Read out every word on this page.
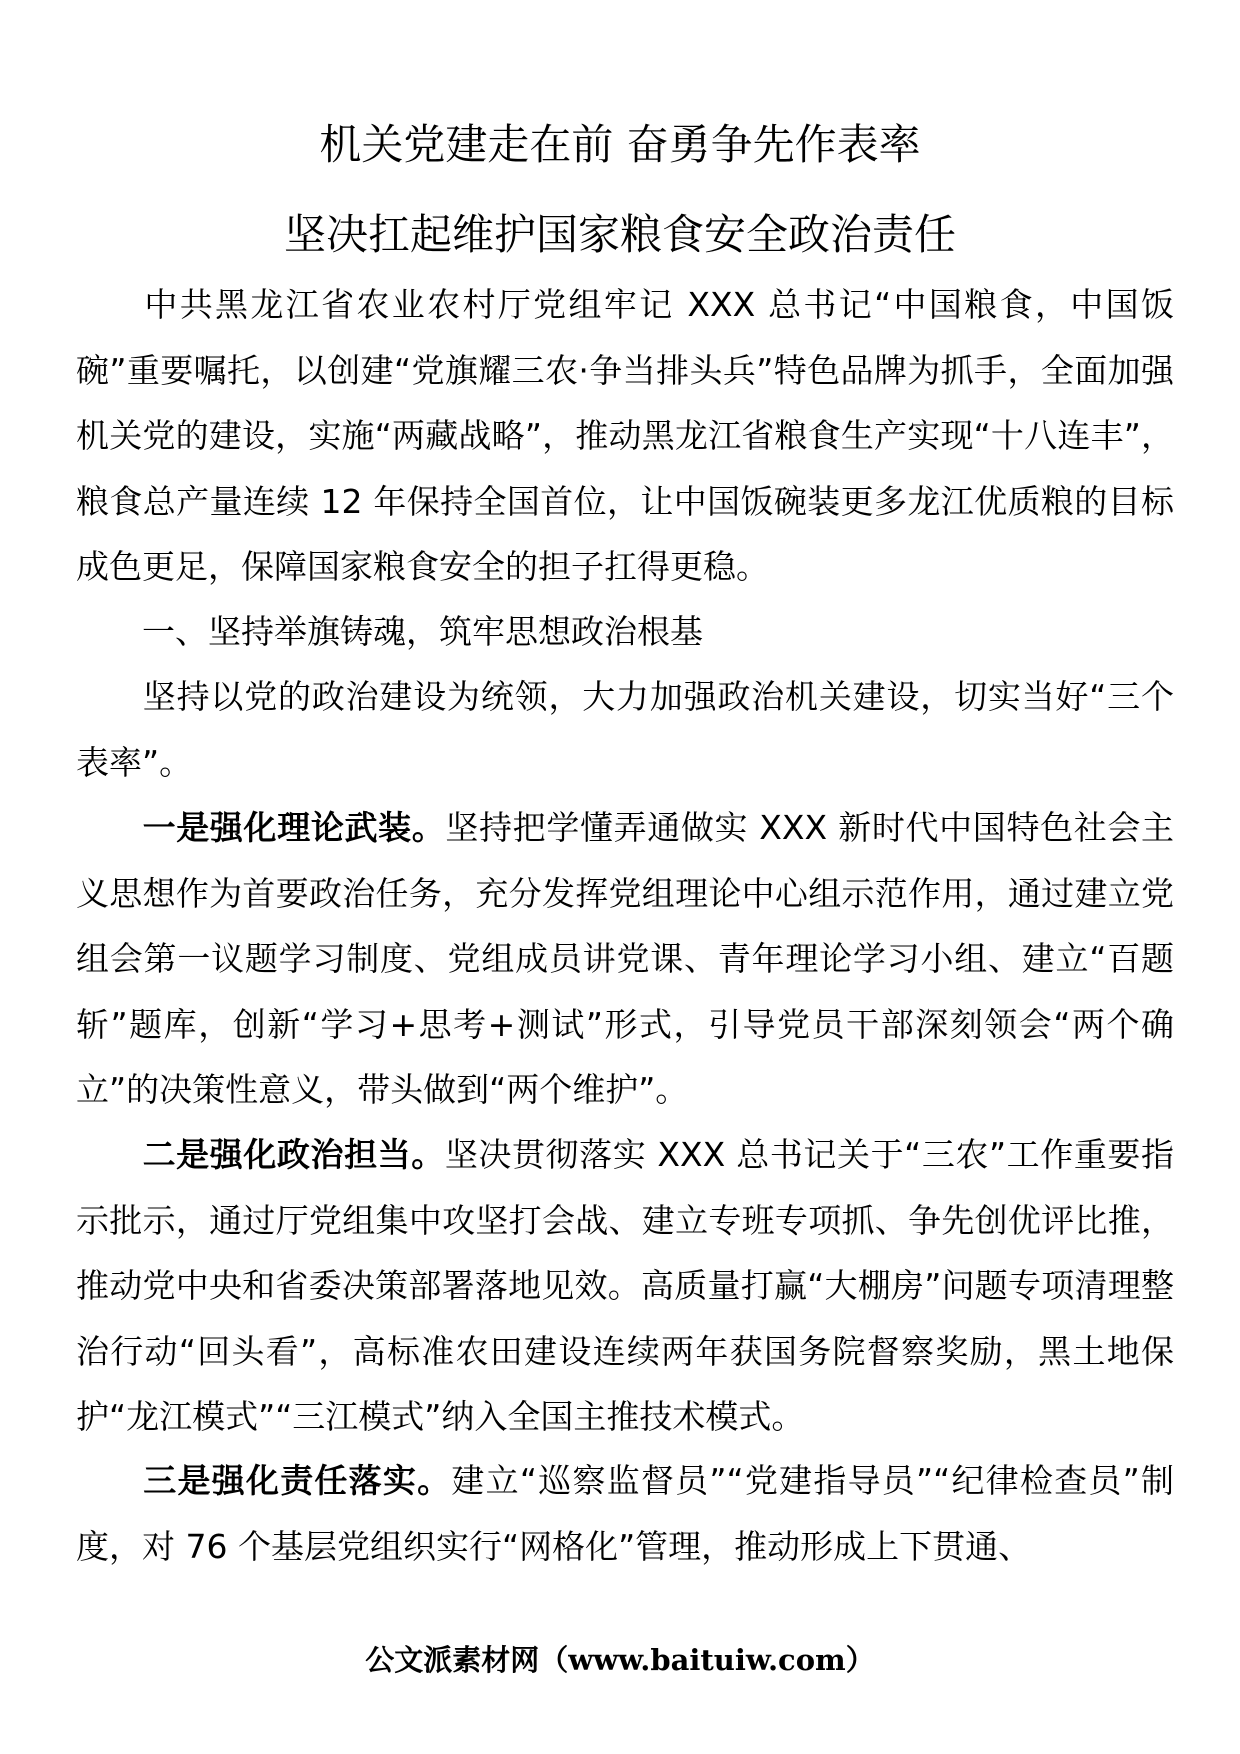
机关党建走在前 奋勇争先作表率
坚决扛起维护国家粮食安全政治责任

中共黑龙江省农业农村厅党组牢记 XXX 总书记“中国粮食，中国饭碗”重要嘱托，以创建“党旗耀三农·争当排头兵”特色品牌为抓手，全面加强机关党的建设，实施“两藏战略”，推动黑龙江省粮食生产实现“十八连丰”，粮食总产量连续 12 年保持全国首位，让中国饭碗装更多龙江优质粮的目标成色更足，保障国家粮食安全的担子扛得更稳。

一、坚持举旗铸魂，筑牢思想政治根基

坚持以党的政治建设为统领，大力加强政治机关建设，切实当好“三个表率”。

一是强化理论武装。坚持把学懂弄通做实 XXX 新时代中国特色社会主义思想作为首要政治任务，充分发挥党组理论中心组示范作用，通过建立党组会第一议题学习制度、党组成员讲党课、青年理论学习小组、建立“百题斩”题库，创新“学习+思考+测试”形式，引导党员干部深刻领会“两个确立”的决策性意义，带头做到“两个维护”。

二是强化政治担当。坚决贯彻落实 XXX 总书记关于“三农”工作重要指示批示，通过厅党组集中攻坚打会战、建立专班专项抓、争先创优评比推，推动党中央和省委决策部署落地见效。高质量打赢“大棚房”问题专项清理整治行动“回头看”，高标准农田建设连续两年获国务院督察奖励，黑土地保护“龙江模式”“三江模式”纳入全国主推技术模式。

三是强化责任落实。建立“巡察监督员”“党建指导员”“纪律检查员”制度，对 76 个基层党组织实行“网格化”管理，推动形成上下贯通、

公文派素材网（www.baituiw.com）
